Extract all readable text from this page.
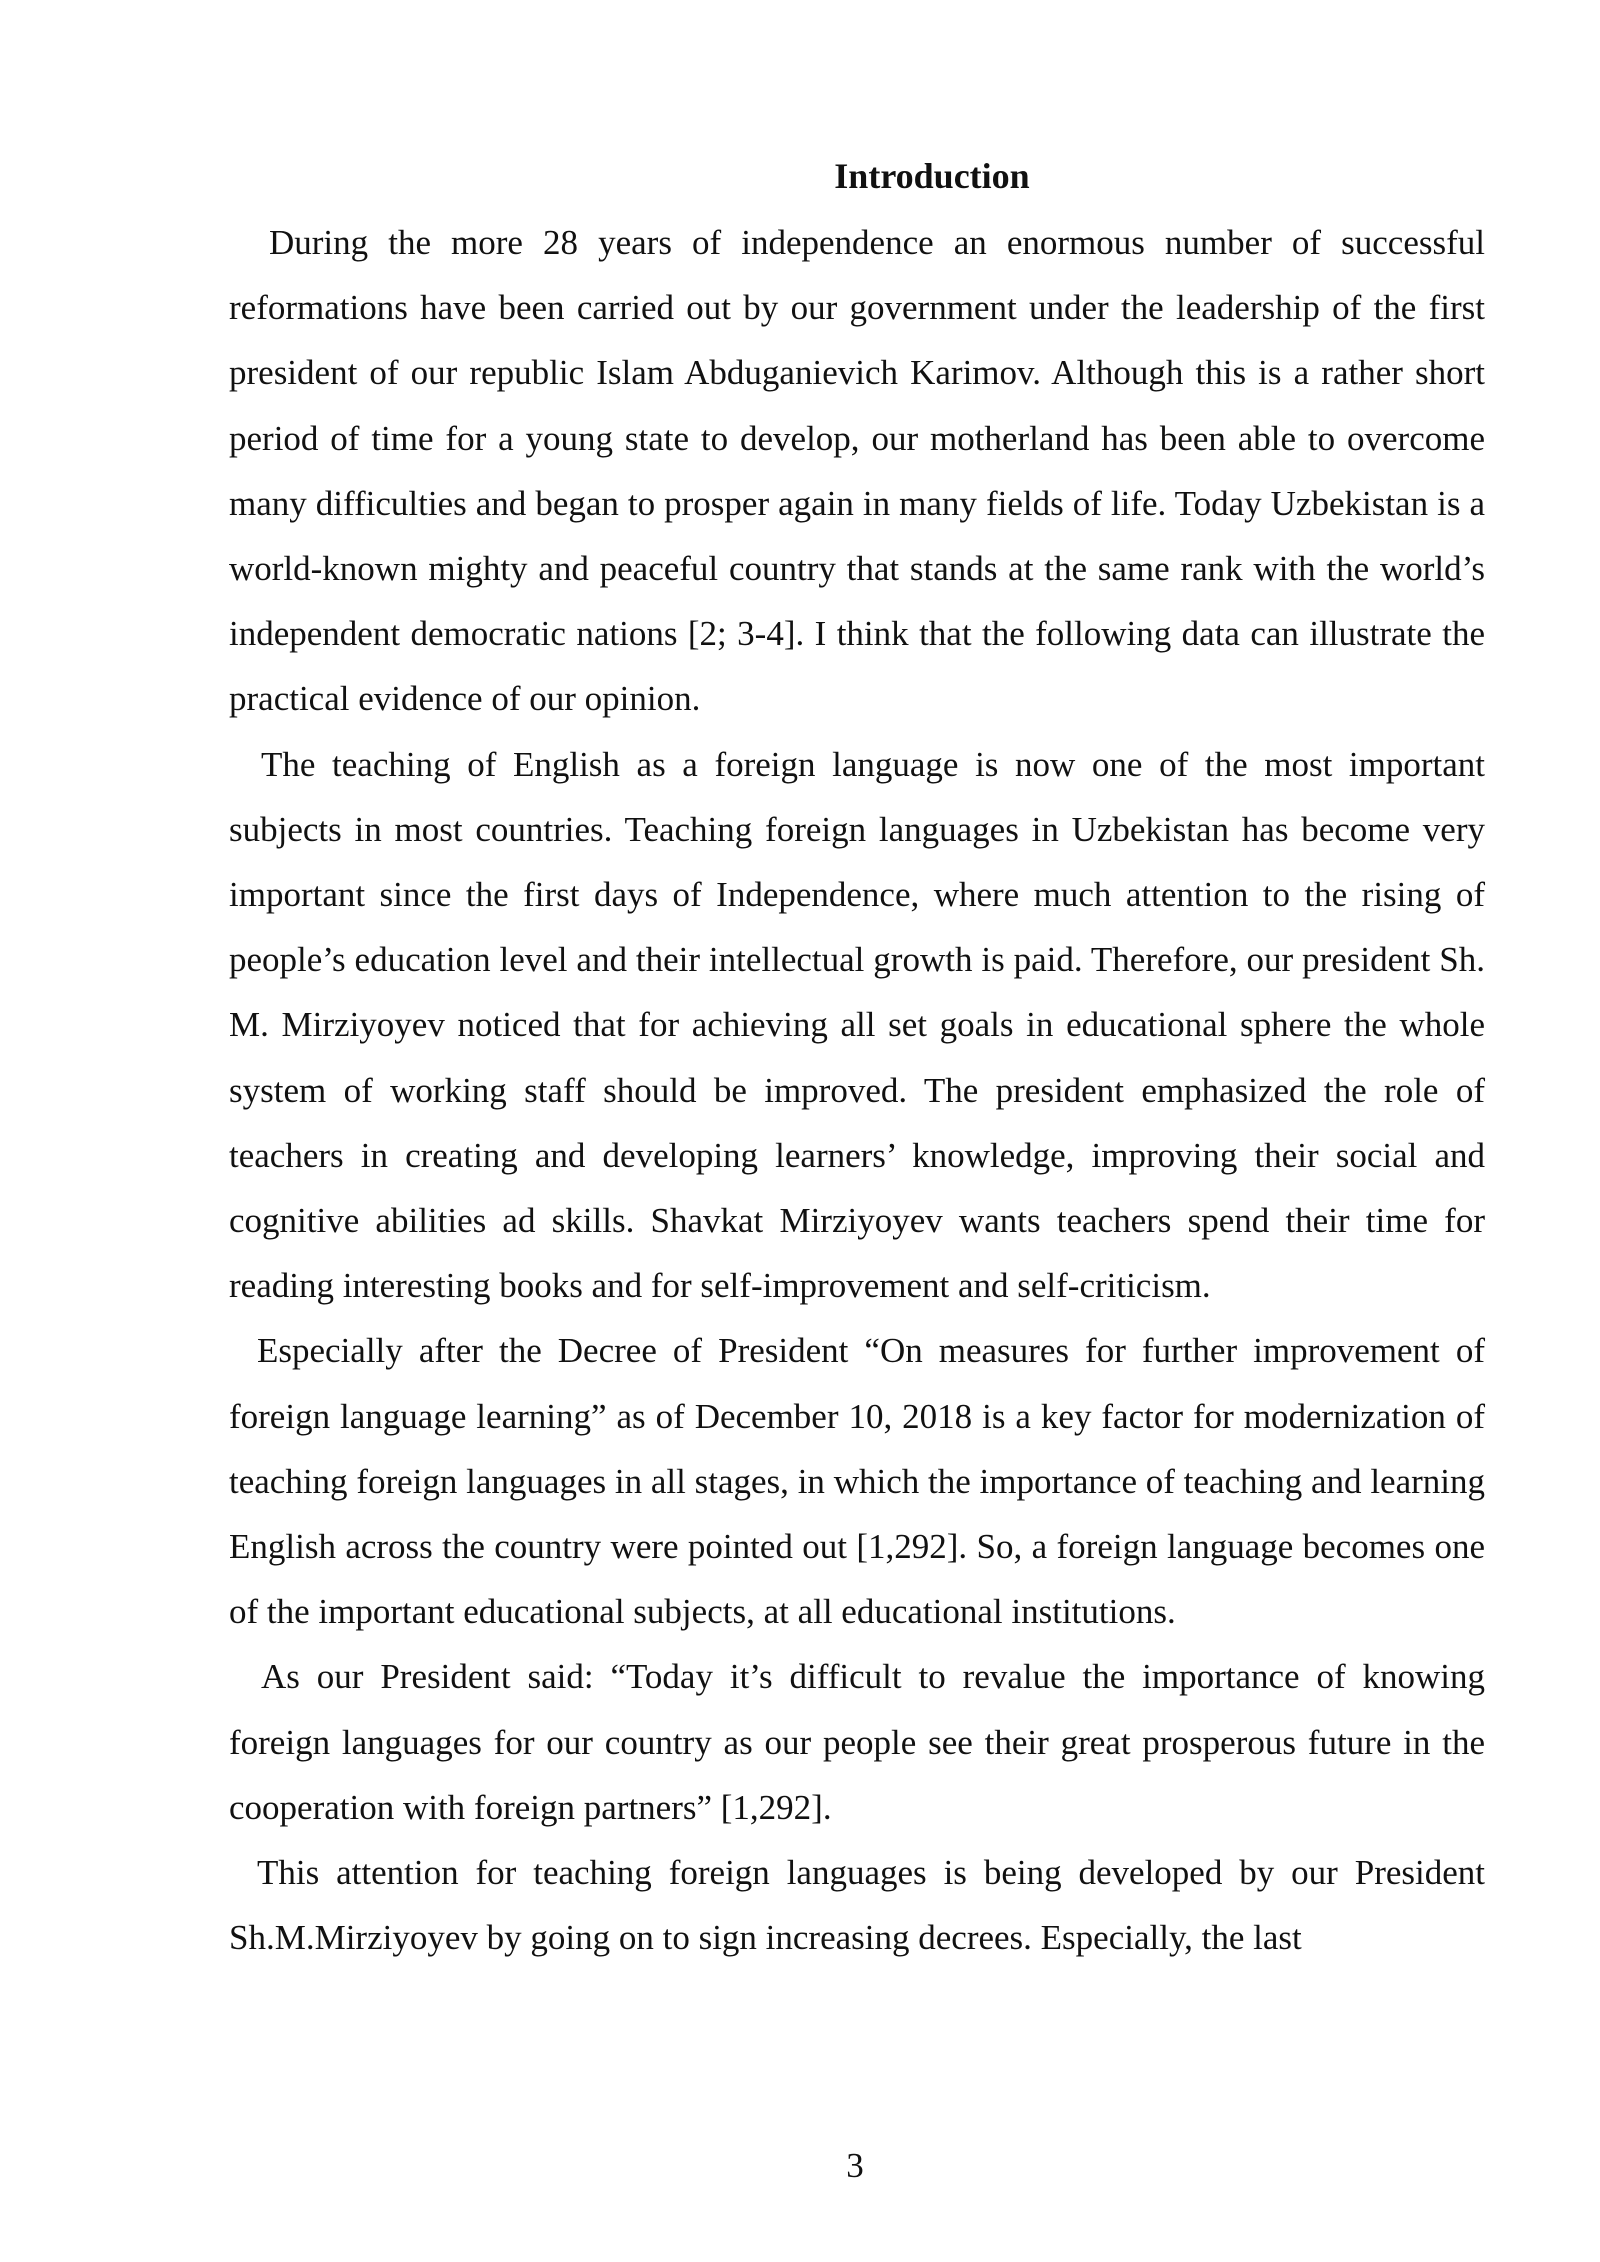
Introduction

During the more 28 years of independence an enormous number of successful reformations have been carried out by our government under the leadership of the first president of our republic Islam Abduganievich Karimov. Although this is a rather short period of time for a young state to develop, our motherland has been able to overcome many difficulties and began to prosper again in many fields of life. Today Uzbekistan is a world-known mighty and peaceful country that stands at the same rank with the world’s independent democratic nations [2; 3-4]. I think that the following data can illustrate the practical evidence of our opinion.

The teaching of English as a foreign language is now one of the most important subjects in most countries. Teaching foreign languages in Uzbekistan has become very important since the first days of Independence, where much attention to the rising of people’s education level and their intellectual growth is paid. Therefore, our president Sh. M. Mirziyoyev noticed that for achieving all set goals in educational sphere the whole system of working staff should be improved. The president emphasized the role of teachers in creating and developing learners’ knowledge, improving their social and cognitive abilities ad skills. Shavkat Mirziyoyev wants teachers spend their time for reading interesting books and for self-improvement and self-criticism.

Especially after the Decree of President “On measures for further improvement of foreign language learning” as of December 10, 2018 is a key factor for modernization of teaching foreign languages in all stages, in which the importance of teaching and learning English across the country were pointed out [1,292]. So, a foreign language becomes one of the important educational subjects, at all educational institutions.

As our President said: “Today it’s difficult to revalue the importance of knowing foreign languages for our country as our people see their great prosperous future in the cooperation with foreign partners” [1,292].

This attention for teaching foreign languages is being developed by our President Sh.M.Mirziyoyev by going on to sign increasing decrees. Especially, the last

3
